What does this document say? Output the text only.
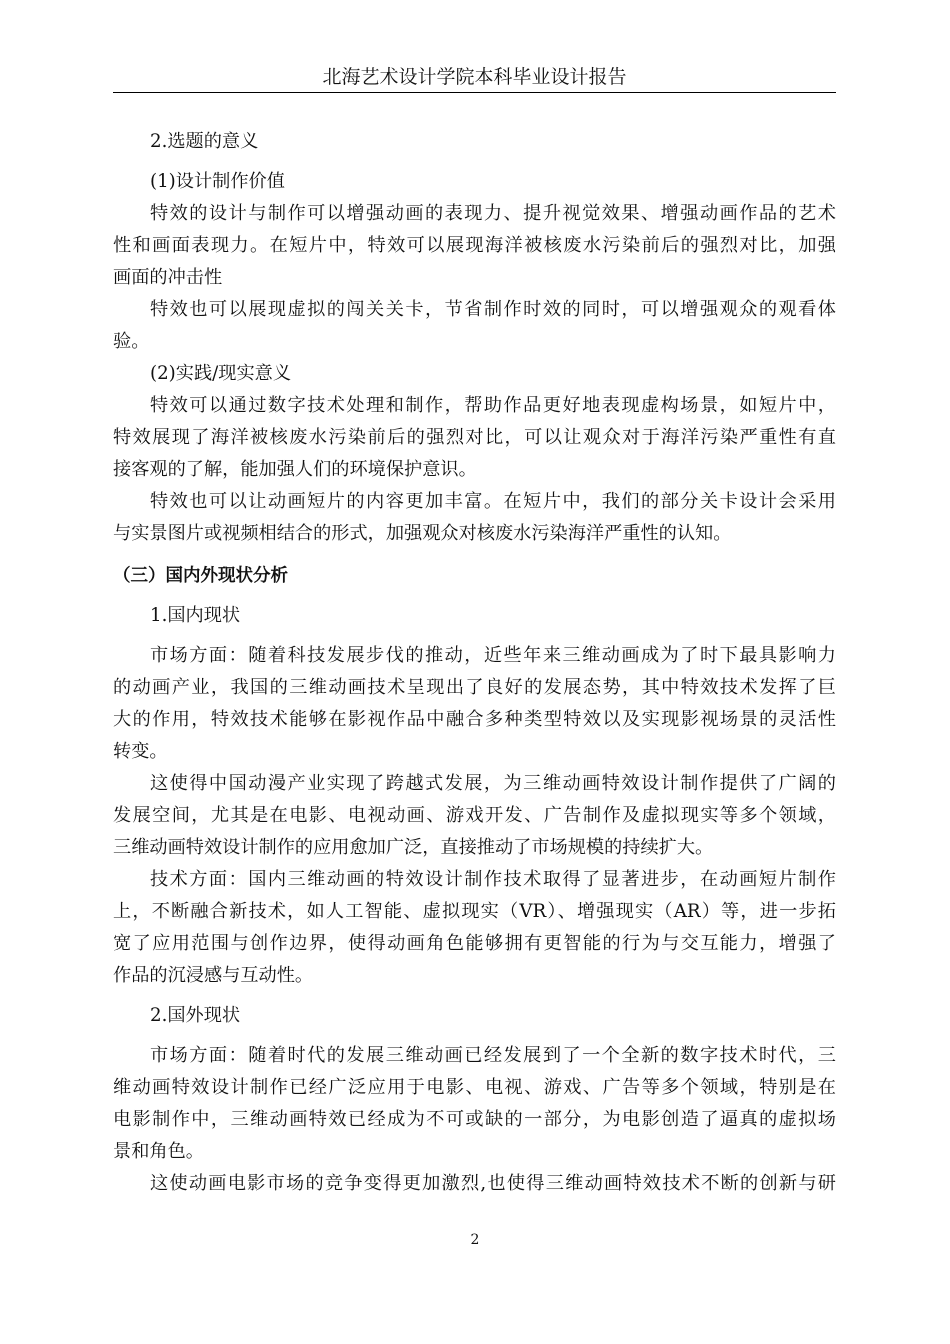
北海艺术设计学院本科毕业设计报告
2.选题的意义
(1)设计制作价值
特效的设计与制作可以增强动画的表现力、提升视觉效果、增强动画作品的艺术
性和画面表现力。在短片中，特效可以展现海洋被核废水污染前后的强烈对比，加强
画面的冲击性
特效也可以展现虚拟的闯关关卡，节省制作时效的同时，可以增强观众的观看体
验。
(2)实践/现实意义
特效可以通过数字技术处理和制作，帮助作品更好地表现虚构场景，如短片中，
特效展现了海洋被核废水污染前后的强烈对比，可以让观众对于海洋污染严重性有直
接客观的了解，能加强人们的环境保护意识。
特效也可以让动画短片的内容更加丰富。在短片中，我们的部分关卡设计会采用
与实景图片或视频相结合的形式，加强观众对核废水污染海洋严重性的认知。
（三）国内外现状分析
1.国内现状
市场方面：随着科技发展步伐的推动，近些年来三维动画成为了时下最具影响力
的动画产业，我国的三维动画技术呈现出了良好的发展态势，其中特效技术发挥了巨
大的作用，特效技术能够在影视作品中融合多种类型特效以及实现影视场景的灵活性
转变。
这使得中国动漫产业实现了跨越式发展，为三维动画特效设计制作提供了广阔的
发展空间，尤其是在电影、电视动画、游戏开发、广告制作及虚拟现实等多个领域，
三维动画特效设计制作的应用愈加广泛，直接推动了市场规模的持续扩大。
技术方面：国内三维动画的特效设计制作技术取得了显著进步，在动画短片制作
上，不断融合新技术，如人工智能、虚拟现实（VR）、增强现实（AR）等，进一步拓
宽了应用范围与创作边界，使得动画角色能够拥有更智能的行为与交互能力，增强了
作品的沉浸感与互动性。
2.国外现状
市场方面：随着时代的发展三维动画已经发展到了一个全新的数字技术时代，三
维动画特效设计制作已经广泛应用于电影、电视、游戏、广告等多个领域，特别是在
电影制作中，三维动画特效已经成为不可或缺的一部分，为电影创造了逼真的虚拟场
景和角色。
这使动画电影市场的竞争变得更加激烈,也使得三维动画特效技术不断的创新与研
2
